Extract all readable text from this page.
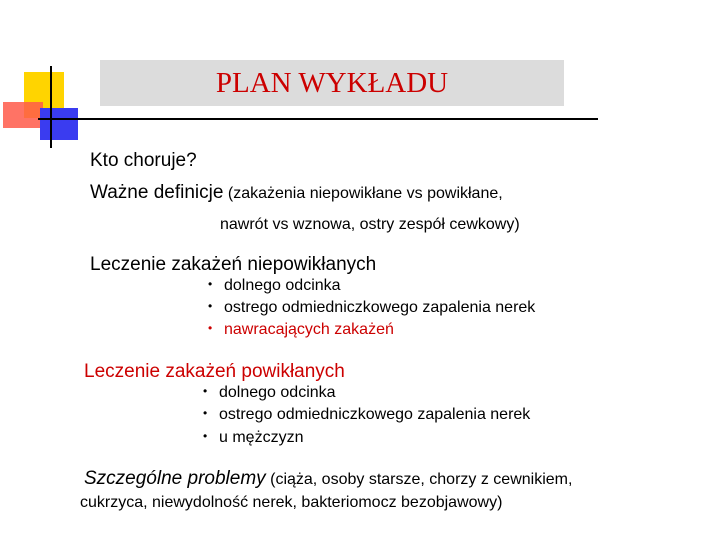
PLAN WYKŁADU
Kto choruje?
Ważne definicje (zakażenia niepowikłane vs powikłane,
nawrót vs wznowa, ostry zespół cewkowy)
Leczenie zakażeń niepowikłanych
• dolnego odcinka
• ostrego odmiedniczkowego zapalenia nerek
• nawracających zakażeń
Leczenie zakażeń powikłanych
• dolnego odcinka
• ostrego odmiedniczkowego zapalenia nerek
• u mężczyzn
Szczególne problemy (ciąża, osoby starsze, chorzy z cewnikiem,
cukrzyca, niewydolność nerek, bakteriomocz bezobjawowy)
